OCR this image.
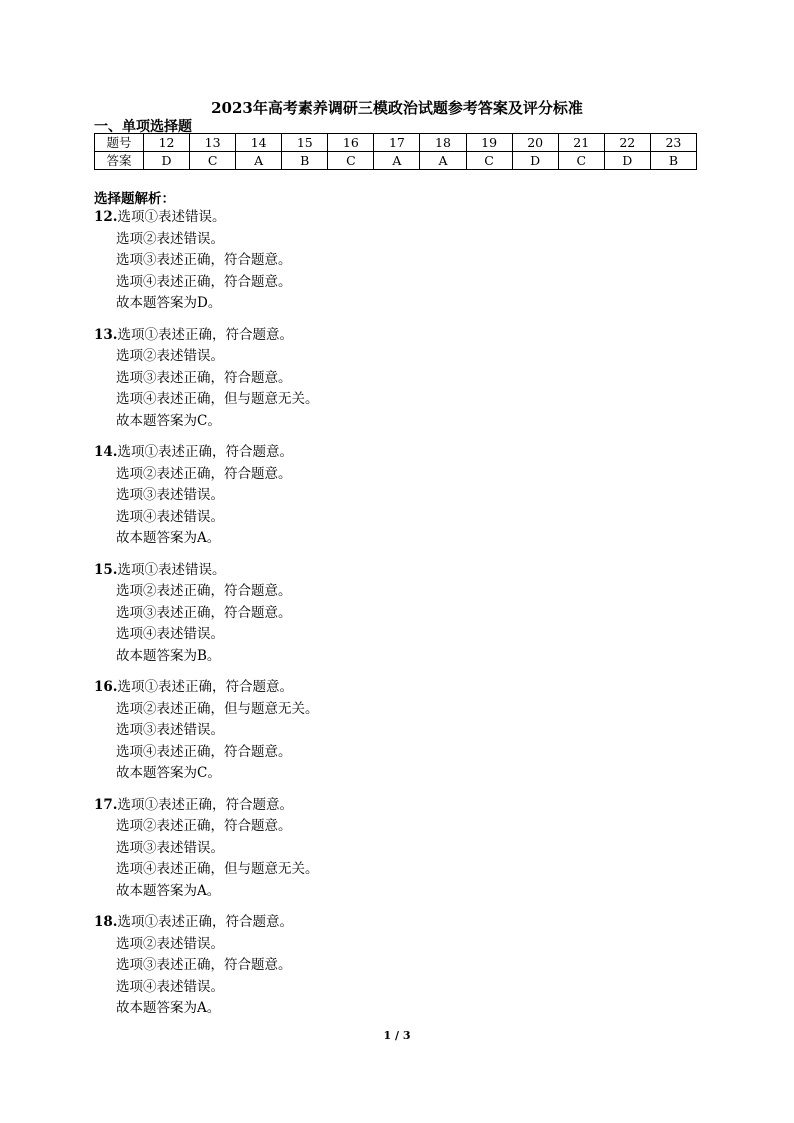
2023年高考素养调研三模政治试题参考答案及评分标准
一、单项选择题
题号	12	13	14	15	16	17	18	19	20	21	22	23
答案	D	C	A	B	C	A	A	C	D	C	D	B
选择题解析：
12.选项①表述错误。
选项②表述错误。
选项③表述正确，符合题意。
选项④表述正确，符合题意。
故本题答案为D。
13.选项①表述正确，符合题意。
选项②表述错误。
选项③表述正确，符合题意。
选项④表述正确，但与题意无关。
故本题答案为C。
14.选项①表述正确，符合题意。
选项②表述正确，符合题意。
选项③表述错误。
选项④表述错误。
故本题答案为A。
15.选项①表述错误。
选项②表述正确，符合题意。
选项③表述正确，符合题意。
选项④表述错误。
故本题答案为B。
16.选项①表述正确，符合题意。
选项②表述正确，但与题意无关。
选项③表述错误。
选项④表述正确，符合题意。
故本题答案为C。
17.选项①表述正确，符合题意。
选项②表述正确，符合题意。
选项③表述错误。
选项④表述正确，但与题意无关。
故本题答案为A。
18.选项①表述正确，符合题意。
选项②表述错误。
选项③表述正确，符合题意。
选项④表述错误。
故本题答案为A。
1 / 3
